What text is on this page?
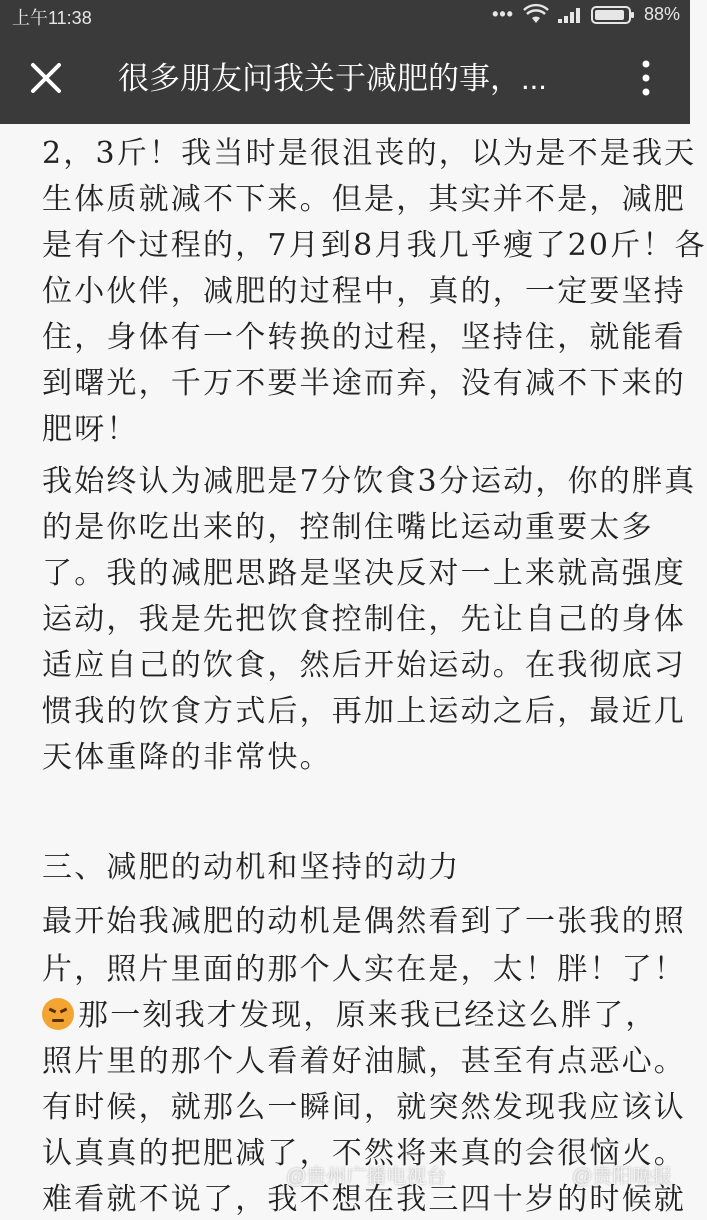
上午11:38	•••	88%
很多朋友问我关于减肥的事，...
2，3斤！我当时是很沮丧的，以为是不是我天
生体质就减不下来。但是，其实并不是，减肥
是有个过程的，7月到8月我几乎瘦了20斤！各
位小伙伴，减肥的过程中，真的，一定要坚持
住，身体有一个转换的过程，坚持住，就能看
到曙光，千万不要半途而弃，没有减不下来的
肥呀！
我始终认为减肥是7分饮食3分运动，你的胖真
的是你吃出来的，控制住嘴比运动重要太多
了。我的减肥思路是坚决反对一上来就高强度
运动，我是先把饮食控制住，先让自己的身体
适应自己的饮食，然后开始运动。在我彻底习
惯我的饮食方式后，再加上运动之后，最近几
天体重降的非常快。
三、减肥的动机和坚持的动力
最开始我减肥的动机是偶然看到了一张我的照
片，照片里面的那个人实在是，太！胖！了！
那一刻我才发现，原来我已经这么胖了，
照片里的那个人看着好油腻，甚至有点恶心。
有时候，就那么一瞬间，就突然发现我应该认
认真真的把肥减了，不然将来真的会很恼火。
难看就不说了，我不想在我三四十岁的时候就
@贵州广播电视台	@贵阳晚报
